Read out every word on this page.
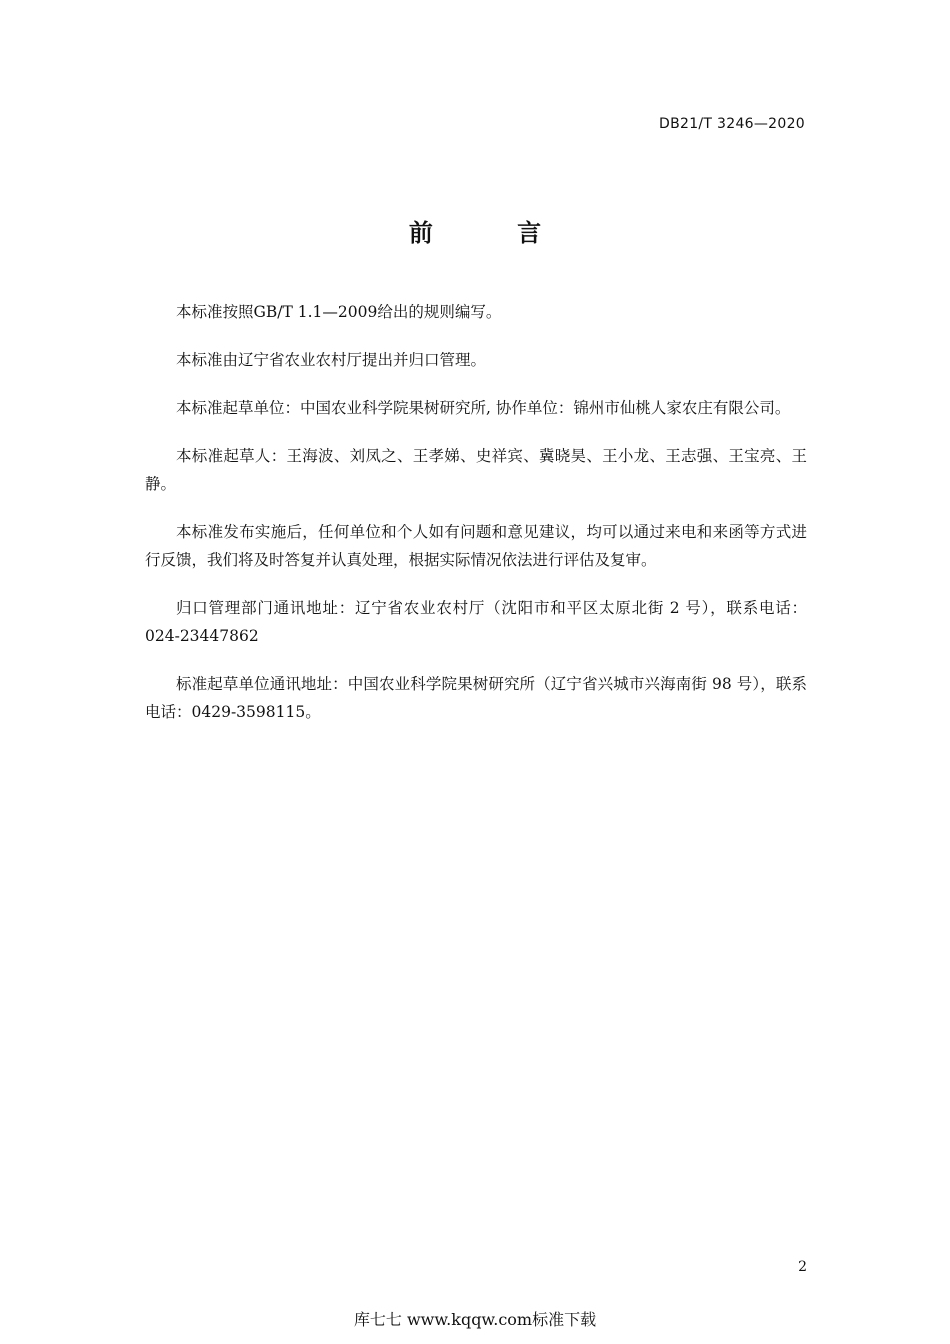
DB21/T 3246—2020

前 言

本标准按照GB/T 1.1—2009给出的规则编写。

本标准由辽宁省农业农村厅提出并归口管理。

本标准起草单位：中国农业科学院果树研究所, 协作单位：锦州市仙桃人家农庄有限公司。

本标准起草人：王海波、刘凤之、王孝娣、史祥宾、冀晓昊、王小龙、王志强、王宝亮、王静。

本标准发布实施后，任何单位和个人如有问题和意见建议，均可以通过来电和来函等方式进行反馈，我们将及时答复并认真处理，根据实际情况依法进行评估及复审。

归口管理部门通讯地址：辽宁省农业农村厅（沈阳市和平区太原北街 2 号），联系电话：024-23447862

标准起草单位通讯地址：中国农业科学院果树研究所（辽宁省兴城市兴海南街 98 号），联系电话：0429-3598115。

2

库七七 www.kqqw.com标准下载
